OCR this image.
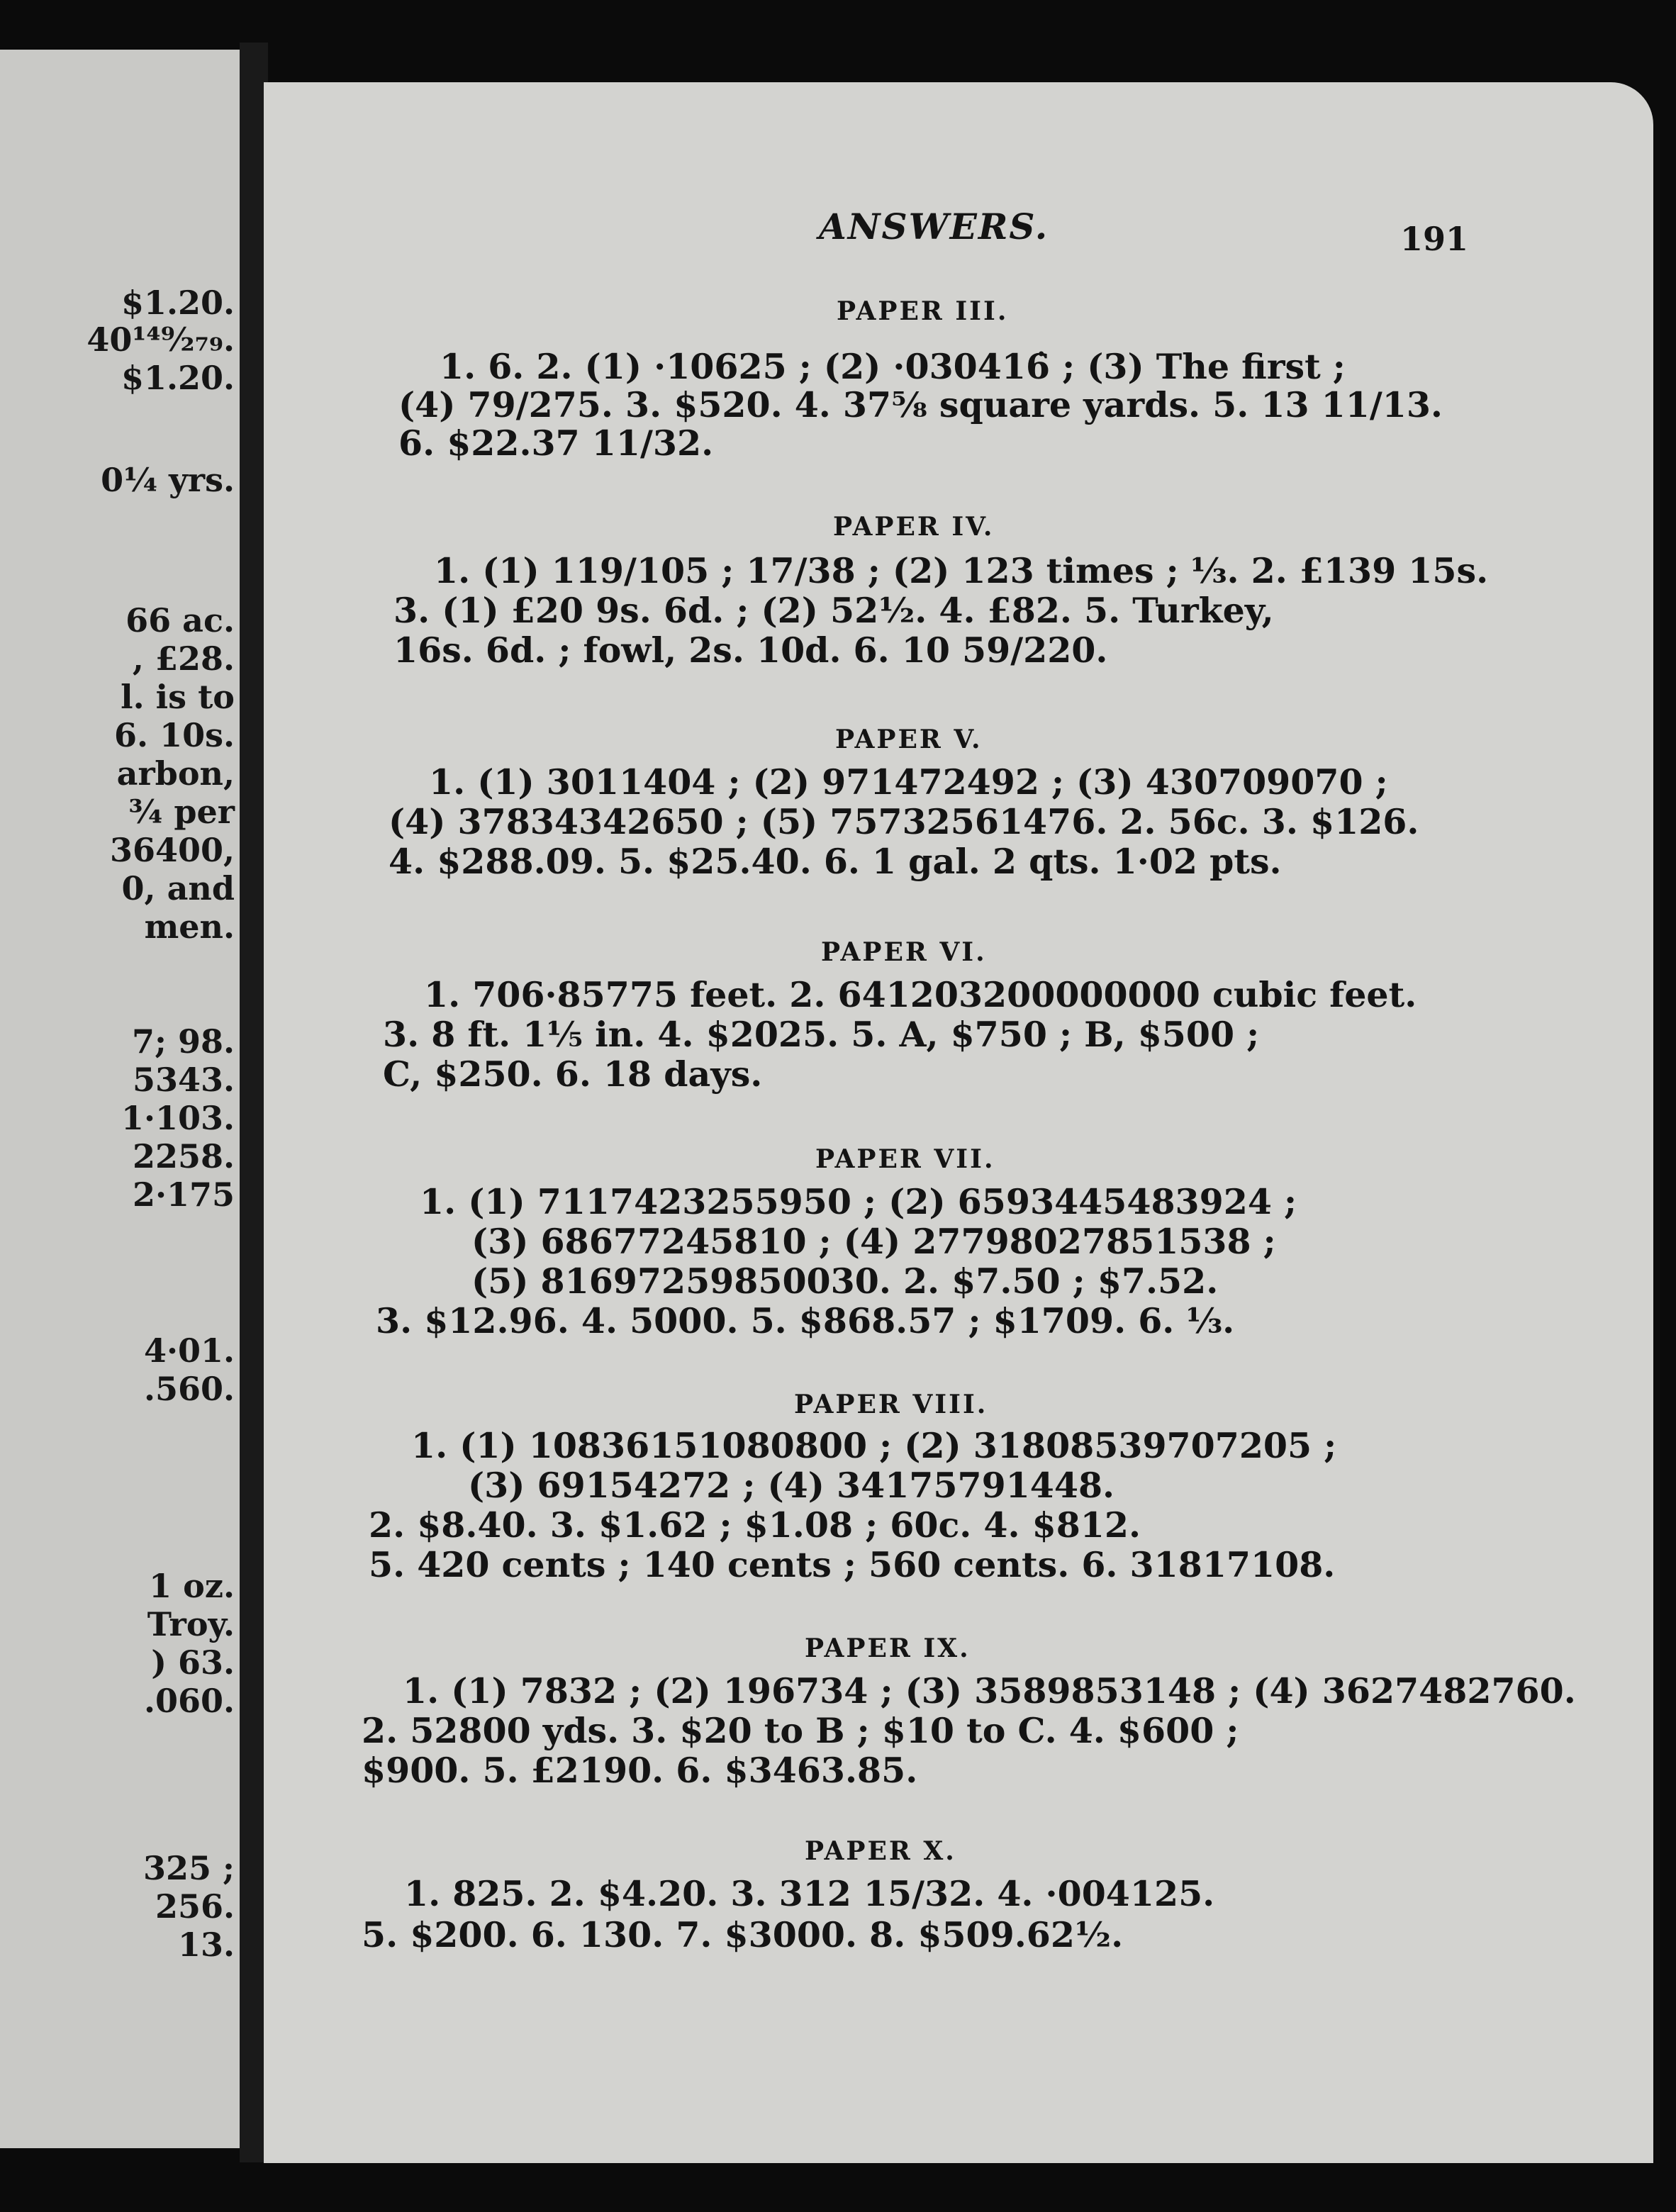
$1.20.
40¹⁴⁹⁄₂₇₉.
$1.20.
0¼ yrs.
66 ac.
, £28.
l. is to
6. 10s.
arbon,
¾ per
36400,
0, and
men.
7; 98.
5343.
1·103.
2258.
2·175
4·01.
.560.
1 oz.
Troy.
) 63.
.060.
325 ;
256.
13.
ANSWERS.	191
PAPER III.
1. 6. 2. (1) ·10625 ; (2) ·030416̇ ; (3) The first ;
(4) 79/275. 3. $520. 4. 37⅝ square yards. 5. 13 11/13.
6. $22.37 11/32.
PAPER IV.
1. (1) 119/105 ; 17/38 ; (2) 123 times ; ⅓. 2. £139 15s.
3. (1) £20 9s. 6d. ; (2) 52½. 4. £82. 5. Turkey,
16s. 6d. ; fowl, 2s. 10d. 6. 10 59/220.
PAPER V.
1. (1) 3011404 ; (2) 971472492 ; (3) 430709070 ;
(4) 37834342650 ; (5) 75732561476. 2. 56c. 3. $126.
4. $288.09. 5. $25.40. 6. 1 gal. 2 qts. 1·02 pts.
PAPER VI.
1. 706·85775 feet. 2. 641203200000000 cubic feet.
3. 8 ft. 1⅕ in. 4. $2025. 5. A, $750 ; B, $500 ;
C, $250. 6. 18 days.
PAPER VII.
1. (1) 7117423255950 ; (2) 6593445483924 ;
(3) 68677245810 ; (4) 27798027851538 ;
(5) 81697259850030. 2. $7.50 ; $7.52.
3. $12.96. 4. 5000. 5. $868.57 ; $1709. 6. ⅓.
PAPER VIII.
1. (1) 10836151080800 ; (2) 31808539707205 ;
(3) 69154272 ; (4) 34175791448.
2. $8.40. 3. $1.62 ; $1.08 ; 60c. 4. $812.
5. 420 cents ; 140 cents ; 560 cents. 6. 31817108.
PAPER IX.
1. (1) 7832 ; (2) 196734 ; (3) 3589853148 ; (4) 3627482760.
2. 52800 yds. 3. $20 to B ; $10 to C. 4. $600 ;
$900. 5. £2190. 6. $3463.85.
PAPER X.
1. 825. 2. $4.20. 3. 312 15/32. 4. ·004125.
5. $200. 6. 130. 7. $3000. 8. $509.62½.
